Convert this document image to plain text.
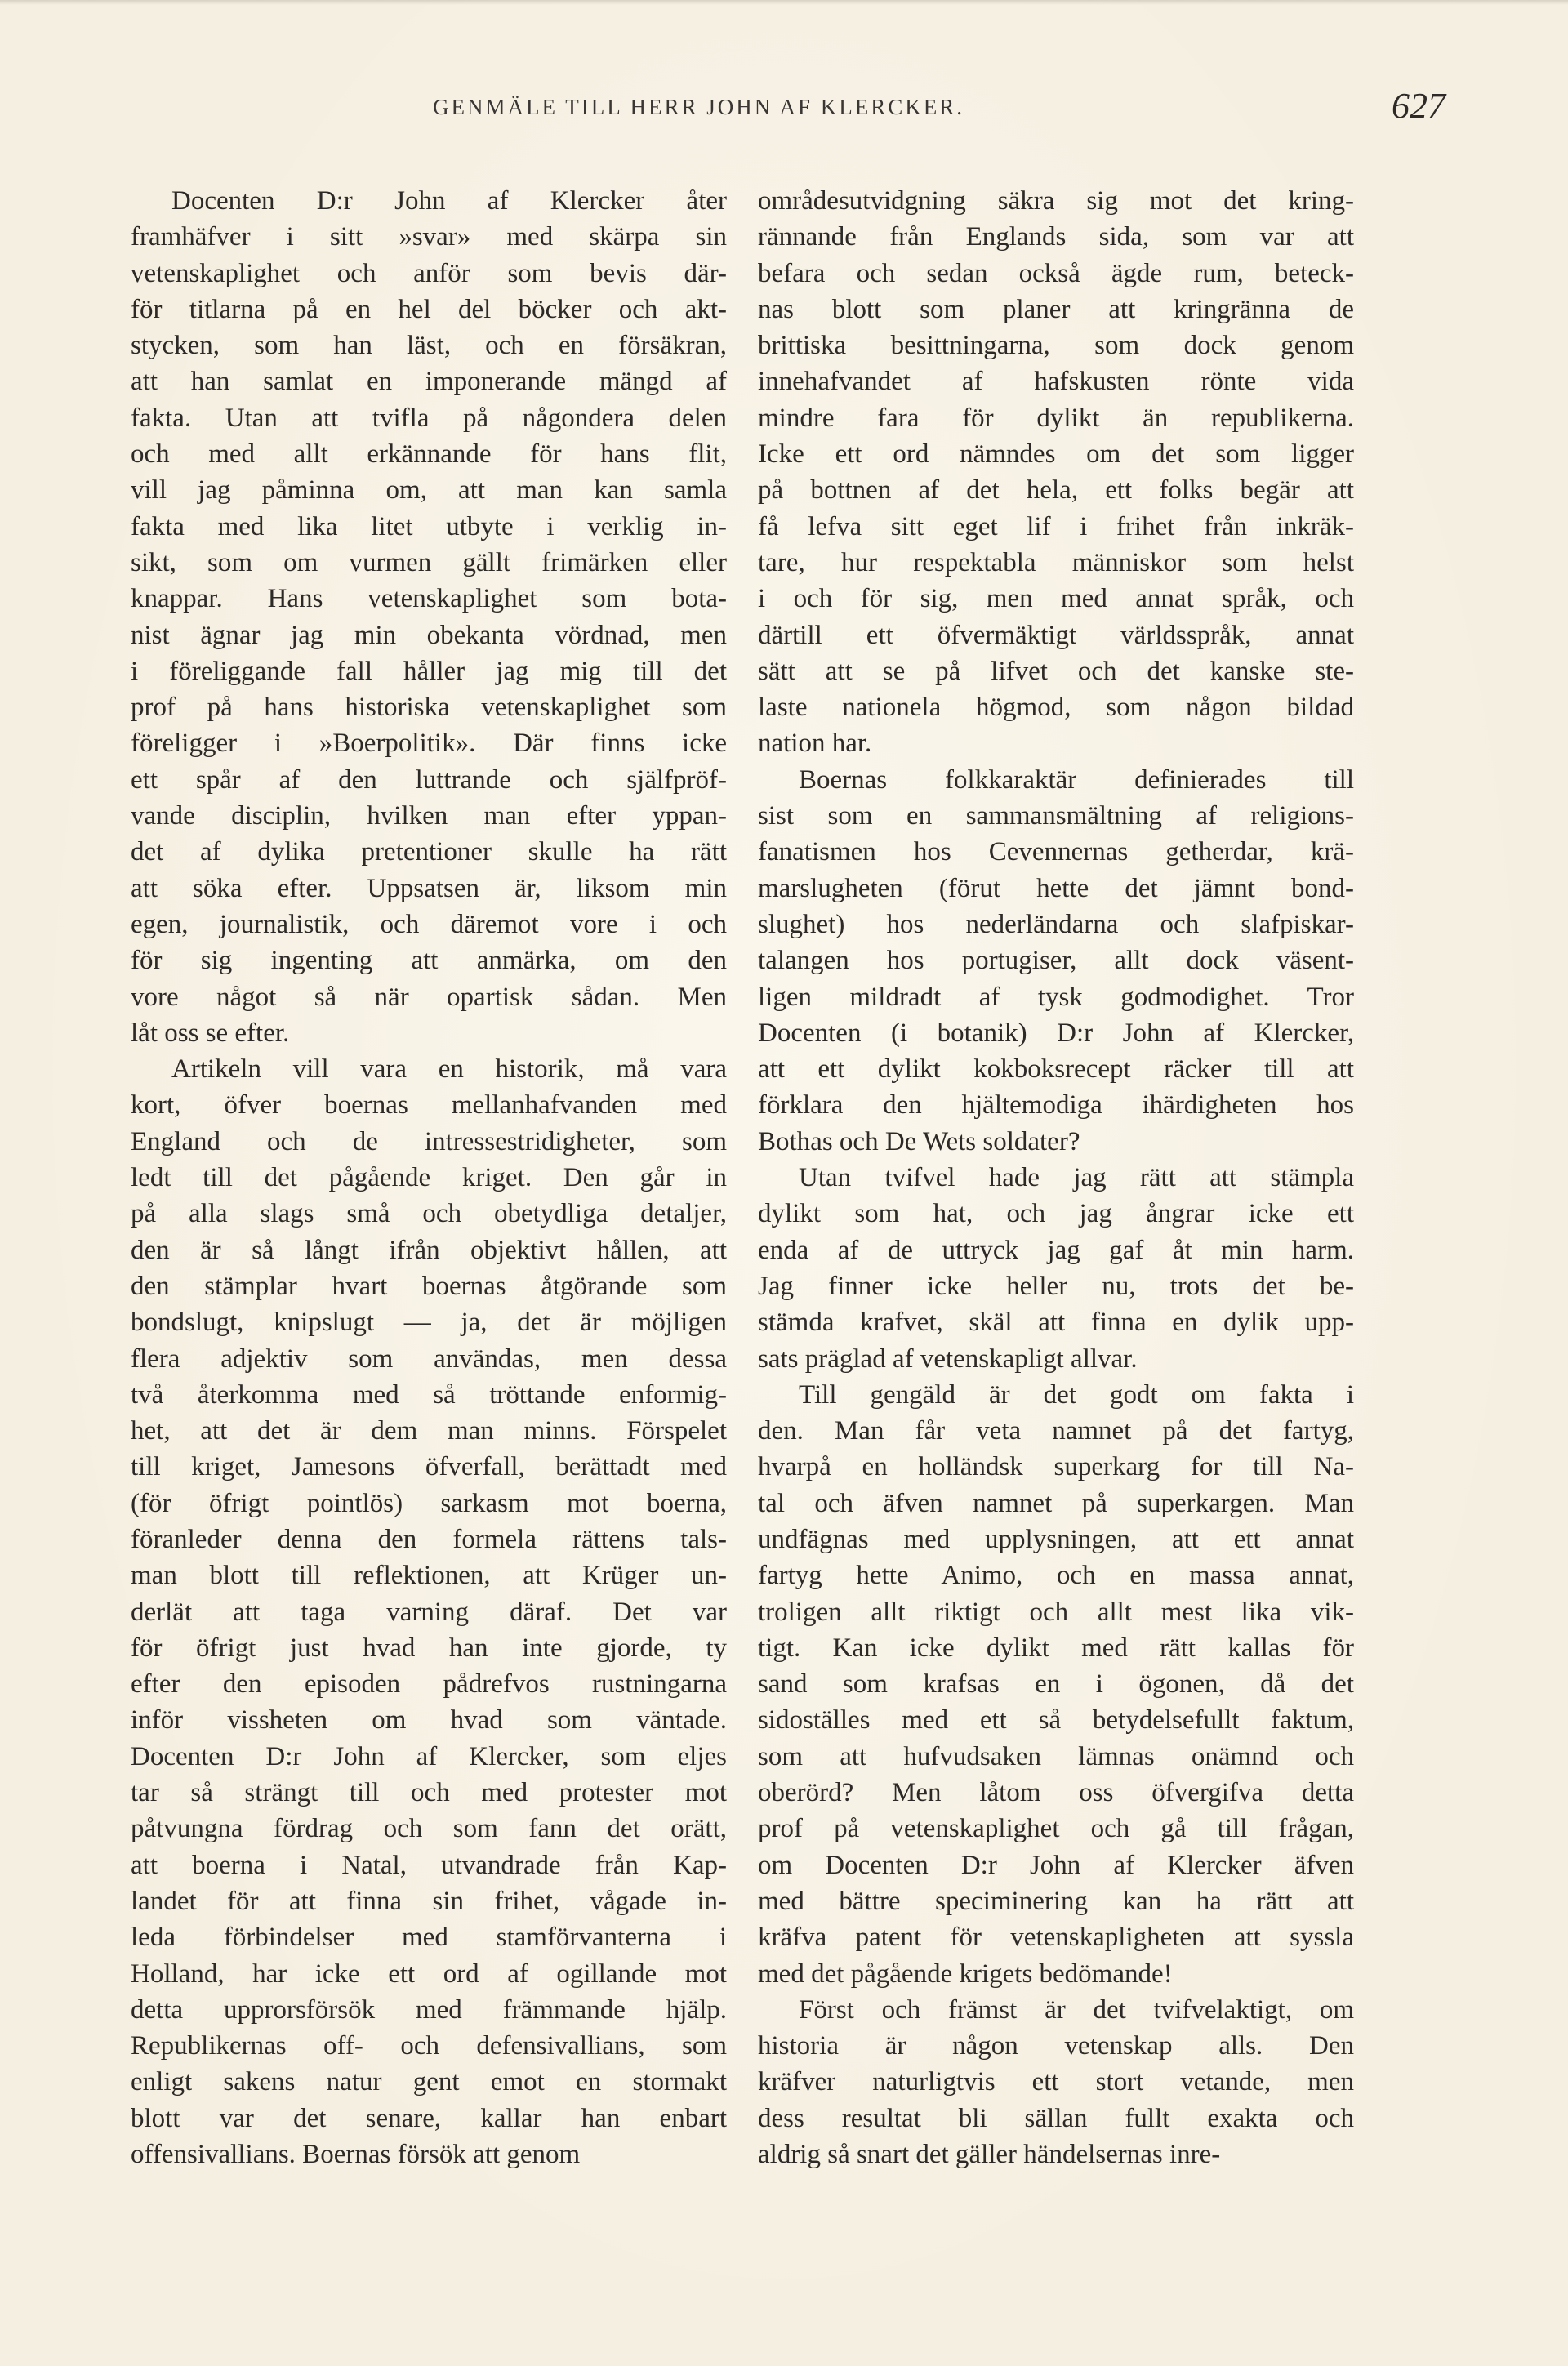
GENMÄLE TILL HERR JOHN AF KLERCKER.	627
Docenten D:r John af Klercker åter
framhäfver i sitt »svar» med skärpa sin
vetenskaplighet och anför som bevis där-
för titlarna på en hel del böcker och akt-
stycken, som han läst, och en försäkran,
att han samlat en imponerande mängd af
fakta. Utan att tvifla på någondera delen
och med allt erkännande för hans flit,
vill jag påminna om, att man kan samla
fakta med lika litet utbyte i verklig in-
sikt, som om vurmen gällt frimärken eller
knappar. Hans vetenskaplighet som bota-
nist ägnar jag min obekanta vördnad, men
i föreliggande fall håller jag mig till det
prof på hans historiska vetenskaplighet som
föreligger i »Boerpolitik». Där finns icke
ett spår af den luttrande och själfpröf-
vande disciplin, hvilken man efter yppan-
det af dylika pretentioner skulle ha rätt
att söka efter. Uppsatsen är, liksom min
egen, journalistik, och däremot vore i och
för sig ingenting att anmärka, om den
vore något så när opartisk sådan. Men
låt oss se efter.
Artikeln vill vara en historik, må vara
kort, öfver boernas mellanhafvanden med
England och de intressestridigheter, som
ledt till det pågående kriget. Den går in
på alla slags små och obetydliga detaljer,
den är så långt ifrån objektivt hållen, att
den stämplar hvart boernas åtgörande som
bondslugt, knipslugt — ja, det är möjligen
flera adjektiv som användas, men dessa
två återkomma med så tröttande enformig-
het, att det är dem man minns. Förspelet
till kriget, Jamesons öfverfall, berättadt med
(för öfrigt pointlös) sarkasm mot boerna,
föranleder denna den formela rättens tals-
man blott till reflektionen, att Krüger un-
derlät att taga varning däraf. Det var
för öfrigt just hvad han inte gjorde, ty
efter den episoden pådrefvos rustningarna
inför vissheten om hvad som väntade.
Docenten D:r John af Klercker, som eljes
tar så strängt till och med protester mot
påtvungna fördrag och som fann det orätt,
att boerna i Natal, utvandrade från Kap-
landet för att finna sin frihet, vågade in-
leda förbindelser med stamförvanterna i
Holland, har icke ett ord af ogillande mot
detta upprorsförsök med främmande hjälp.
Republikernas off- och defensivallians, som
enligt sakens natur gent emot en stormakt
blott var det senare, kallar han enbart
offensivallians. Boernas försök att genom
områdesutvidgning säkra sig mot det kring-
rännande från Englands sida, som var att
befara och sedan också ägde rum, beteck-
nas blott som planer att kringränna de
brittiska besittningarna, som dock genom
innehafvandet af hafskusten rönte vida
mindre fara för dylikt än republikerna.
Icke ett ord nämndes om det som ligger
på bottnen af det hela, ett folks begär att
få lefva sitt eget lif i frihet från inkräk-
tare, hur respektabla människor som helst
i och för sig, men med annat språk, och
därtill ett öfvermäktigt världsspråk, annat
sätt att se på lifvet och det kanske ste-
laste nationela högmod, som någon bildad
nation har.
Boernas folkkaraktär definierades till
sist som en sammansmältning af religions-
fanatismen hos Cevennernas getherdar, krä-
marslugheten (förut hette det jämnt bond-
slughet) hos nederländarna och slafpiskar-
talangen hos portugiser, allt dock väsent-
ligen mildradt af tysk godmodighet. Tror
Docenten (i botanik) D:r John af Klercker,
att ett dylikt kokboksrecept räcker till att
förklara den hjältemodiga ihärdigheten hos
Bothas och De Wets soldater?
Utan tvifvel hade jag rätt att stämpla
dylikt som hat, och jag ångrar icke ett
enda af de uttryck jag gaf åt min harm.
Jag finner icke heller nu, trots det be-
stämda krafvet, skäl att finna en dylik upp-
sats präglad af vetenskapligt allvar.
Till gengäld är det godt om fakta i
den. Man får veta namnet på det fartyg,
hvarpå en holländsk superkarg for till Na-
tal och äfven namnet på superkargen. Man
undfägnas med upplysningen, att ett annat
fartyg hette Animo, och en massa annat,
troligen allt riktigt och allt mest lika vik-
tigt. Kan icke dylikt med rätt kallas för
sand som krafsas en i ögonen, då det
sidoställes med ett så betydelsefullt faktum,
som att hufvudsaken lämnas onämnd och
oberörd? Men låtom oss öfvergifva detta
prof på vetenskaplighet och gå till frågan,
om Docenten D:r John af Klercker äfven
med bättre speciminering kan ha rätt att
kräfva patent för vetenskapligheten att syssla
med det pågående krigets bedömande!
Först och främst är det tvifvelaktigt, om
historia är någon vetenskap alls. Den
kräfver naturligtvis ett stort vetande, men
dess resultat bli sällan fullt exakta och
aldrig så snart det gäller händelsernas inre-
